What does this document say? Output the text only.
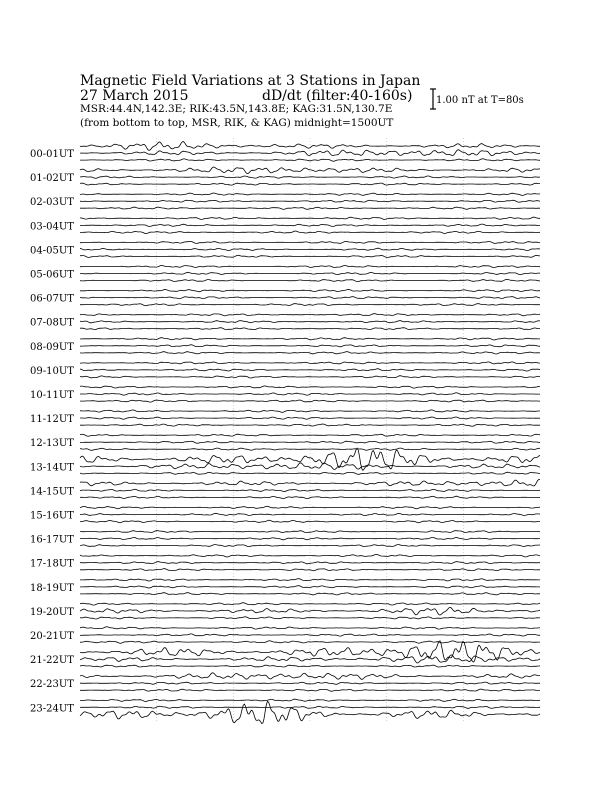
Magnetic Field Variations at 3 Stations in Japan
27 March 2015	dD/dt (filter:40-160s)
MSR:44.4N,142.3E; RIK:43.5N,143.8E; KAG:31.5N,130.7E
(from bottom to top, MSR, RIK, & KAG) midnight=1500UT
1.00 nT at T=80s
00-01UT
01-02UT
02-03UT
03-04UT
04-05UT
05-06UT
06-07UT
07-08UT
08-09UT
09-10UT
10-11UT
11-12UT
12-13UT
13-14UT
14-15UT
15-16UT
16-17UT
17-18UT
18-19UT
19-20UT
20-21UT
21-22UT
22-23UT
23-24UT
